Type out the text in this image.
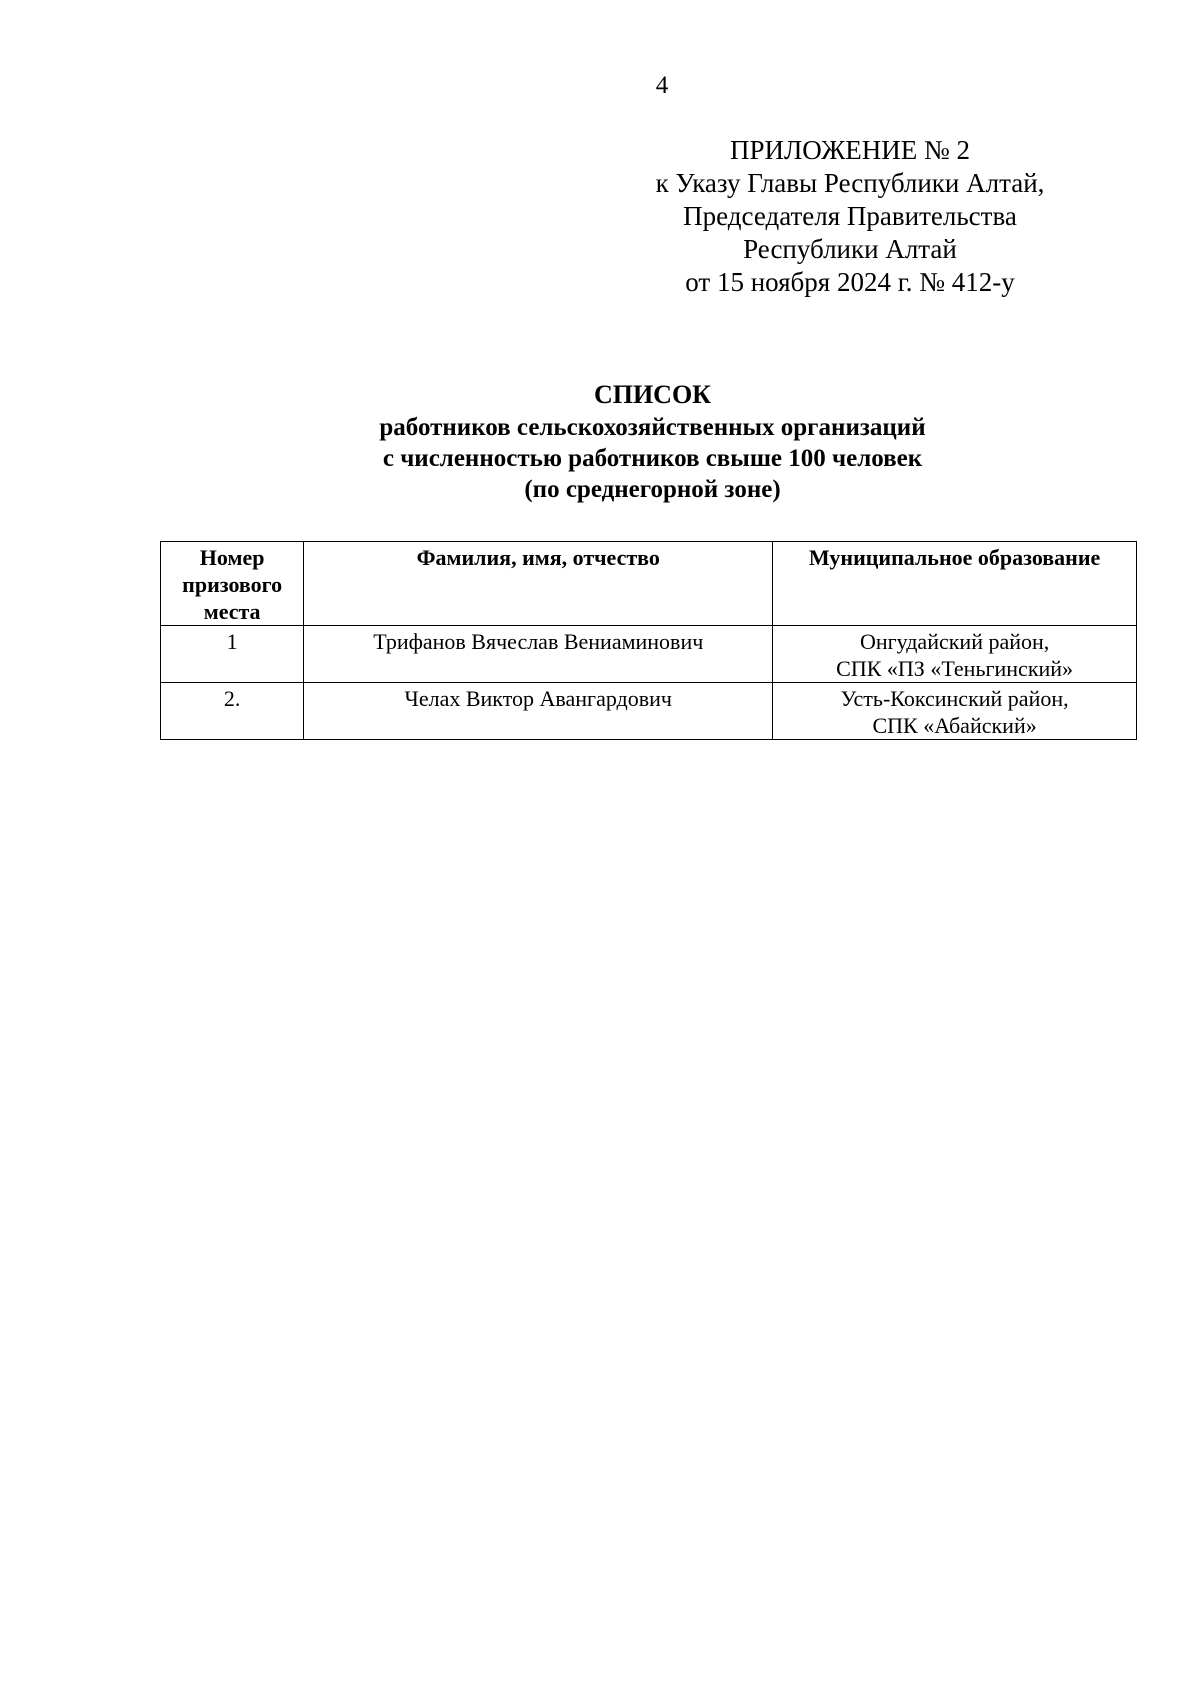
4
ПРИЛОЖЕНИЕ № 2
к Указу Главы Республики Алтай,
Председателя Правительства
Республики Алтай
от 15 ноября 2024 г. № 412-у
СПИСОК
работников сельскохозяйственных организаций
с численностью работников свыше 100 человек
(по среднегорной зоне)
Номер призового места	Фамилия, имя, отчество	Муниципальное образование
1	Трифанов Вячеслав Вениаминович	Онгудайский район,
СПК «ПЗ «Теньгинский»

2.	Челах Виктор Авангардович	Усть-Коксинский район,
СПК «Абайский»
